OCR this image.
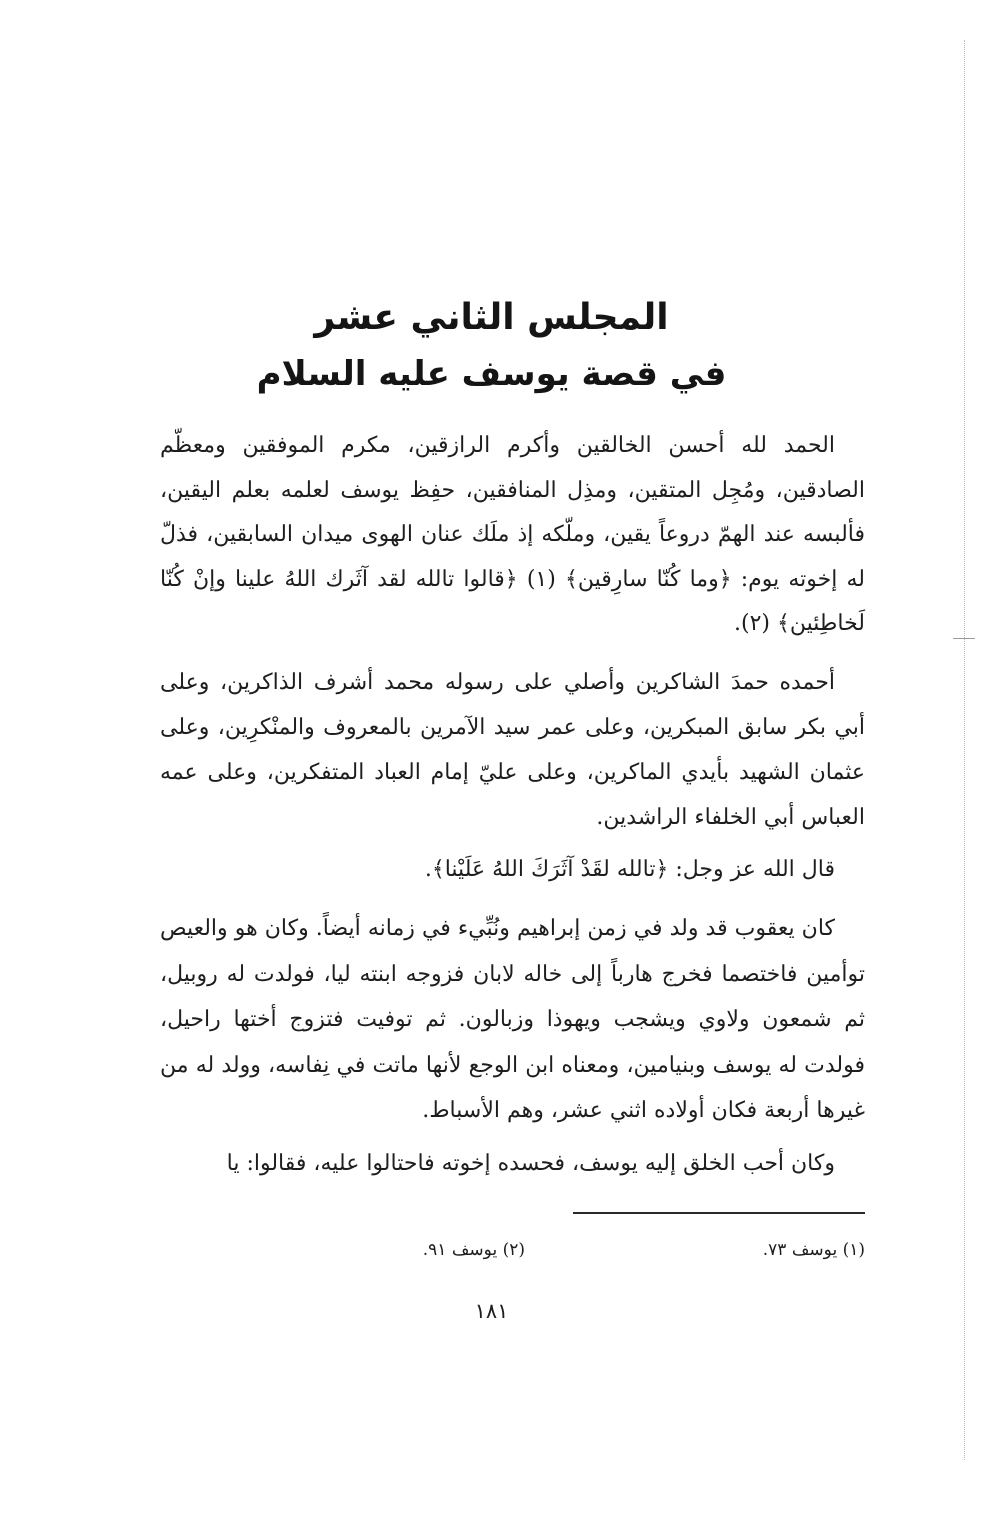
المجلس الثاني عشر
في قصة يوسف عليه السلام

الحمد لله أحسن الخالقين وأكرم الرازقين، مكرم الموفقين ومعظّم الصادقين، ومُجِل المتقين، ومذِل المنافقين، حفِظ يوسف لعلمه بعلم اليقين، فألبسه عند الهمّ دروعاً يقين، وملّكه إذ ملَك عنان الهوى ميدان السابقين، فذلّ له إخوته يوم: ﴿وما كُنّا سارِقين﴾ (١) ﴿قالوا تالله لقد آثَرك اللهُ علينا وإنْ كُنّا لَخاطِئين﴾ (٢).

أحمده حمدَ الشاكرين وأصلي على رسوله محمد أشرف الذاكرين، وعلى أبي بكر سابق المبكرين، وعلى عمر سيد الآمرين بالمعروف والمنْكرِين، وعلى عثمان الشهيد بأيدي الماكرين، وعلى عليّ إمام العباد المتفكرين، وعلى عمه العباس أبي الخلفاء الراشدين.

قال الله عز وجل: ﴿تالله لقَدْ آثَرَكَ اللهُ عَلَيْنا﴾.

كان يعقوب قد ولد في زمن إبراهيم ونُبِّيء في زمانه أيضاً. وكان هو والعيص توأمين فاختصما فخرج هارباً إلى خاله لابان فزوجه ابنته ليا، فولدت له روبيل، ثم شمعون ولاوي ويشجب ويهوذا وزبالون. ثم توفيت فتزوج أختها راحيل، فولدت له يوسف وبنيامين، ومعناه ابن الوجع لأنها ماتت في نِفاسه، وولد له من غيرها أربعة فكان أولاده اثني عشر، وهم الأسباط.

وكان أحب الخلق إليه يوسف، فحسده إخوته فاحتالوا عليه، فقالوا: يا

(١) يوسف ٧٣.
(٢) يوسف ٩١.
١٨١
